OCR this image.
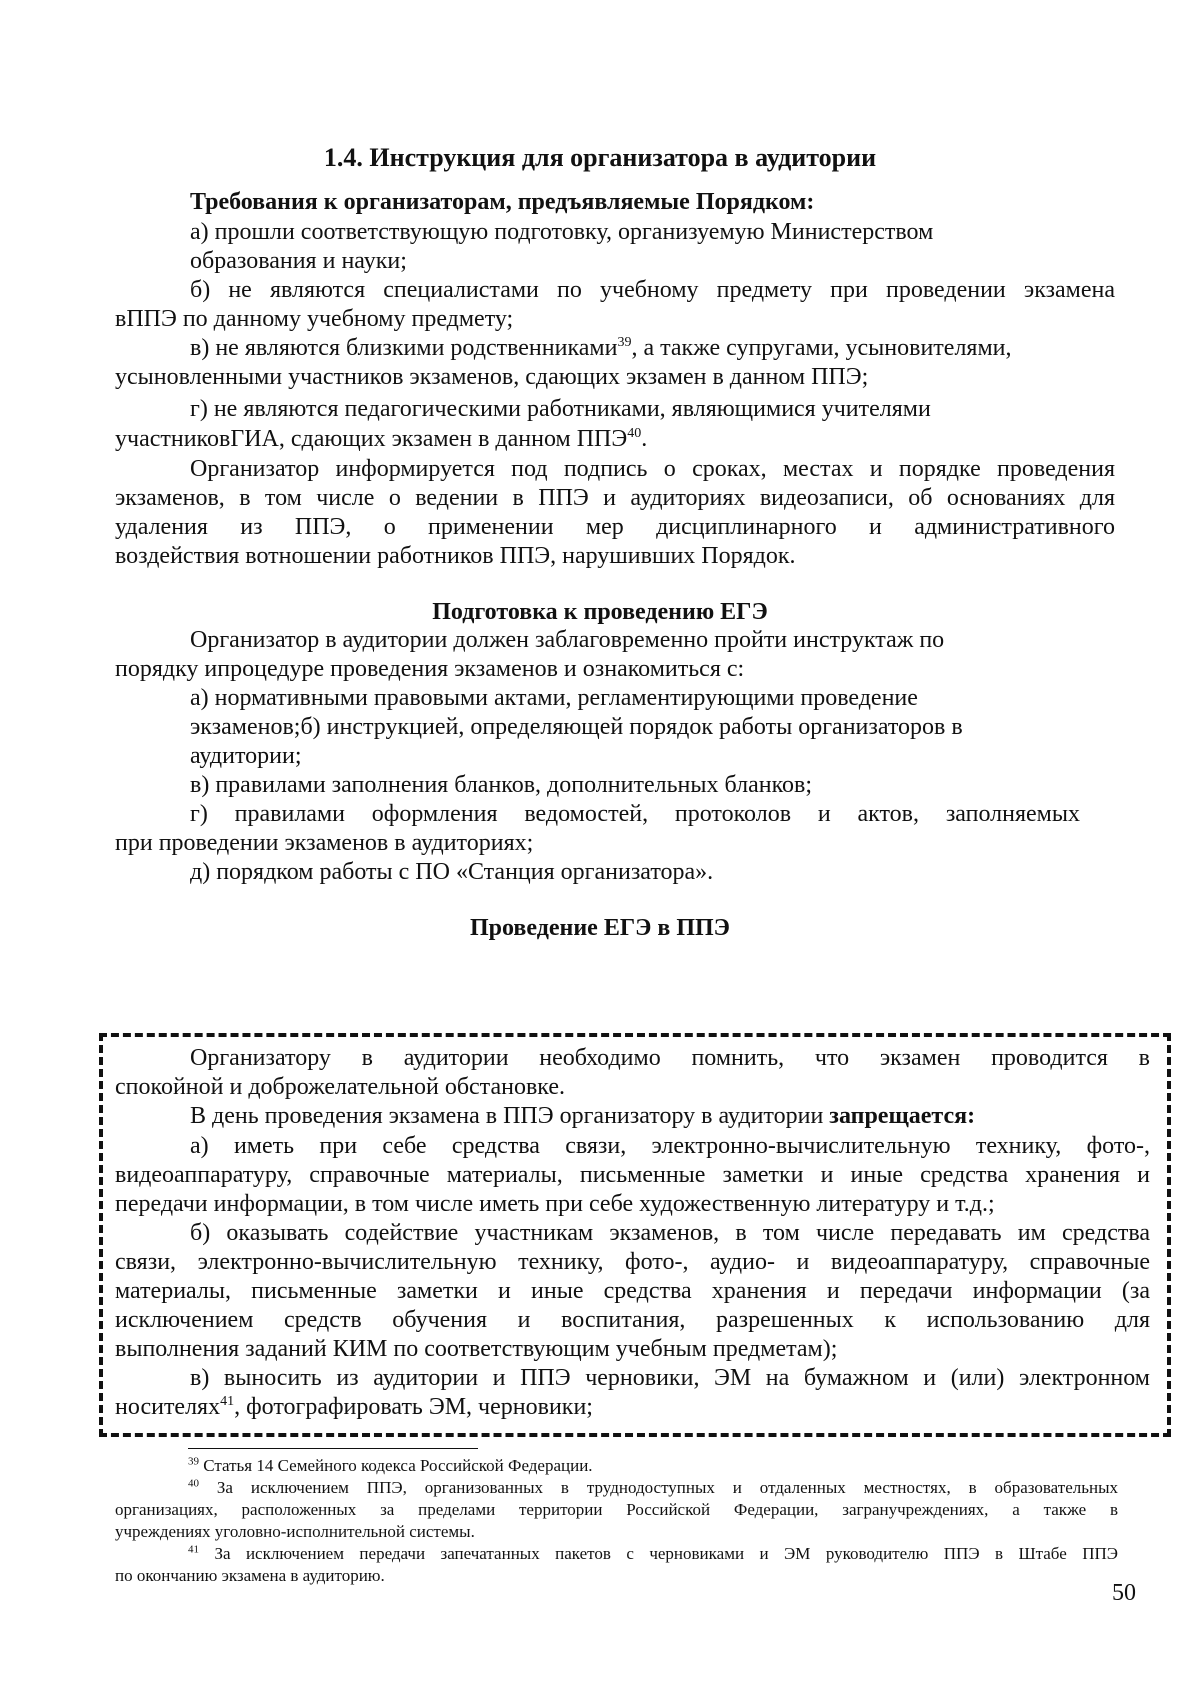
1.4. Инструкция для организатора в аудитории
Требования к организаторам, предъявляемые Порядком:
а) прошли соответствующую подготовку, организуемую Министерством
образования и науки;
б) не являются специалистами по учебному предмету при проведении экзамена
вППЭ по данному учебному предмету;
в) не являются близкими родственниками$^{39}$, а также супругами, усыновителями,
усыновленными участников экзаменов, сдающих экзамен в данном ППЭ;
г) не являются педагогическими работниками, являющимися учителями
участниковГИА, сдающих экзамен в данном ППЭ$^{40}$.
Организатор информируется под подпись о сроках, местах и порядке проведения
экзаменов, в том числе о ведении в ППЭ и аудиториях видеозаписи, об основаниях для
удаления из ППЭ, о применении мер дисциплинарного и административного
воздействия вотношении работников ППЭ, нарушивших Порядок.
Подготовка к проведению ЕГЭ
Организатор в аудитории должен заблаговременно пройти инструктаж по
порядку ипроцедуре проведения экзаменов и ознакомиться с:
а) нормативными правовыми актами, регламентирующими проведение
экзаменов;б) инструкцией, определяющей порядок работы организаторов в
аудитории;
в) правилами заполнения бланков, дополнительных бланков;
г) правилами оформления ведомостей, протоколов и актов, заполняемых
при проведении экзаменов в аудиториях;
д) порядком работы с ПО «Станция организатора».
Проведение ЕГЭ в ППЭ
Организатору в аудитории необходимо помнить, что экзамен проводится в
спокойной и доброжелательной обстановке.
В день проведения экзамена в ППЭ организатору в аудитории запрещается:
а) иметь при себе средства связи, электронно-вычислительную технику, фото-,
видеоаппаратуру, справочные материалы, письменные заметки и иные средства хранения и
передачи информации, в том числе иметь при себе художественную литературу и т.д.;
б) оказывать содействие участникам экзаменов, в том числе передавать им средства
связи, электронно-вычислительную технику, фото-, аудио- и видеоаппаратуру, справочные
материалы, письменные заметки и иные средства хранения и передачи информации (за
исключением средств обучения и воспитания, разрешенных к использованию для
выполнения заданий КИМ по соответствующим учебным предметам);
в) выносить из аудитории и ППЭ черновики, ЭМ на бумажном и (или) электронном
носителях$^{41}$, фотографировать ЭМ, черновики;
$^{39}$ Статья 14 Семейного кодекса Российской Федерации.
$^{40}$ За исключением ППЭ, организованных в труднодоступных и отдаленных местностях, в образовательных
организациях, расположенных за пределами территории Российской Федерации, загранучреждениях, а также в
учреждениях уголовно-исполнительной системы.
$^{41}$ За исключением передачи запечатанных пакетов с черновиками и ЭМ руководителю ППЭ в Штабе ППЭ
по окончанию экзамена в аудиторию.
50
